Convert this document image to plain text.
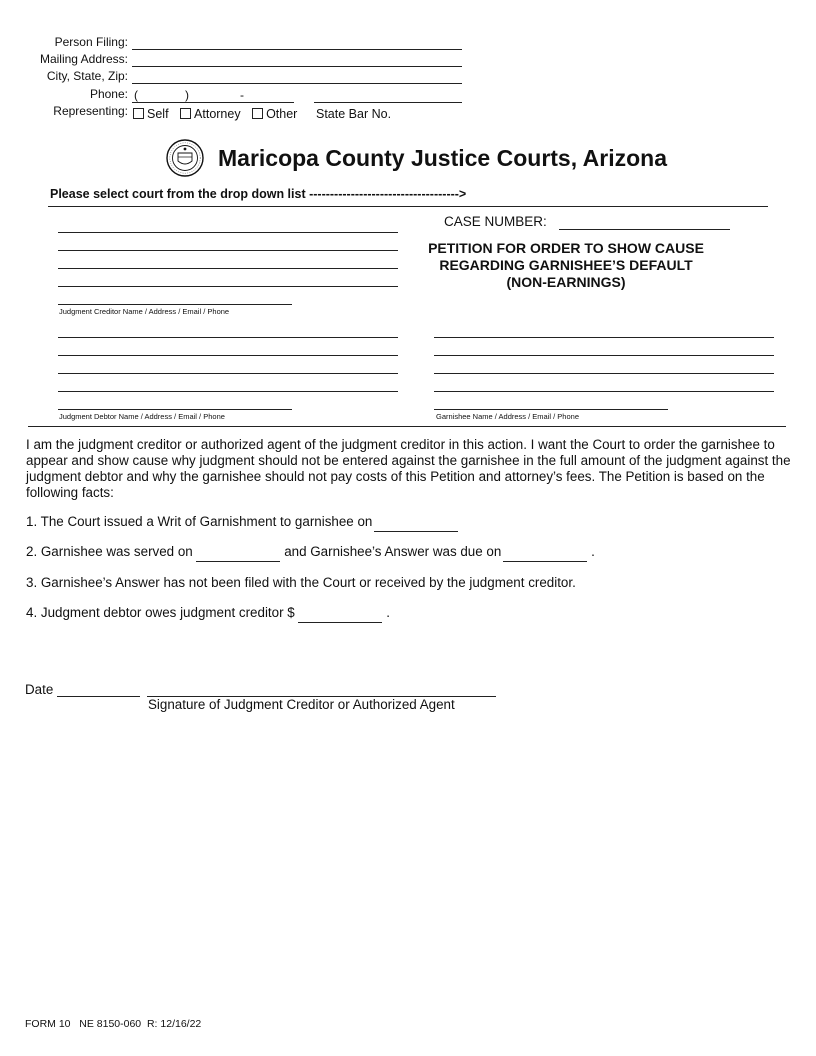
Person Filing:
Mailing Address:
City, State, Zip:
Phone: (	)	-
Representing:	Self Attorney Other State Bar No.
Maricopa County Justice Courts, Arizona
Please select court from the drop down list ------------------------------------>
CASE NUMBER:
PETITION FOR ORDER TO SHOW CAUSE
REGARDING GARNISHEE’S DEFAULT
(NON-EARNINGS)
Judgment Creditor Name / Address / Email / Phone
Judgment Debtor Name / Address / Email / Phone	Garnishee Name / Address / Email / Phone
I am the judgment creditor or authorized agent of the judgment creditor in this action. I want the Court to order the garnishee to appear and show cause why judgment should not be entered against the garnishee in the full amount of the judgment against the judgment debtor and why the garnishee should not pay costs of this Petition and attorney’s fees. The Petition is based on the following facts:
1. The Court issued a Writ of Garnishment to garnishee on
2. Garnishee was served on	and Garnishee’s Answer was due on	.
3. Garnishee’s Answer has not been filed with the Court or received by the judgment creditor.
4. Judgment debtor owes judgment creditor $	.
Date
Signature of Judgment Creditor or Authorized Agent
FORM 10   NE 8150-060  R: 12/16/22
